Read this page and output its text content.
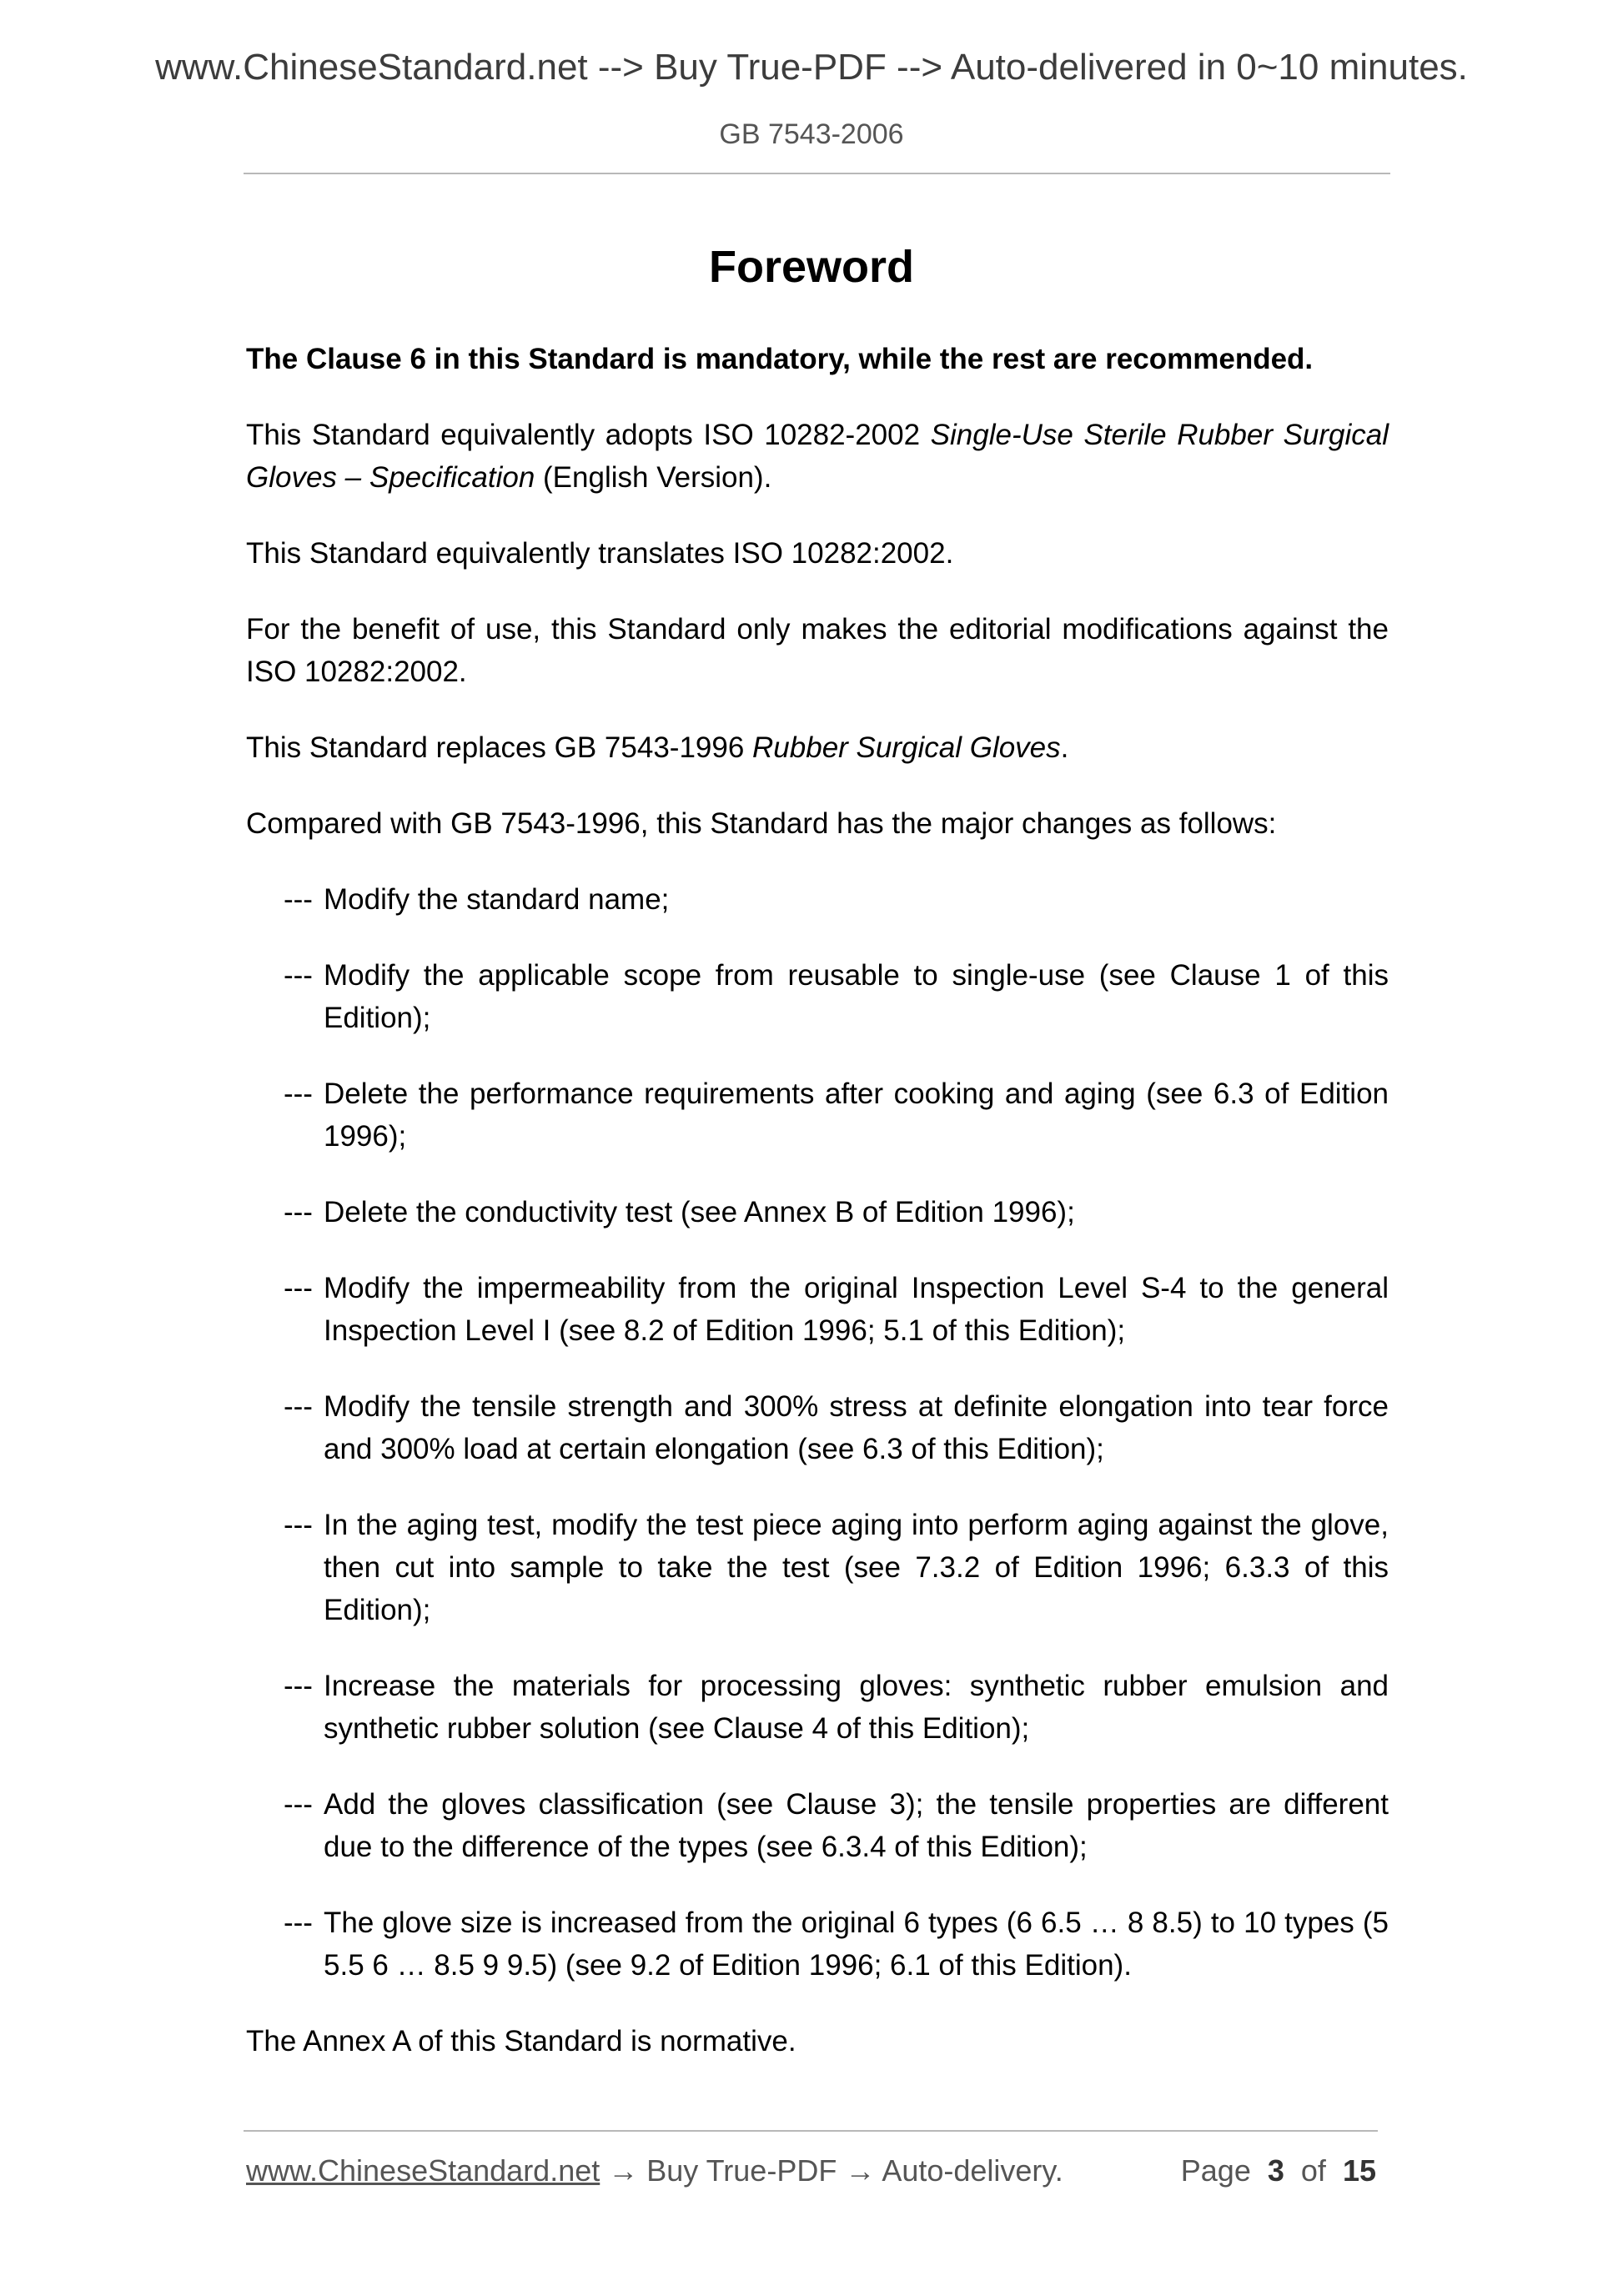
www.ChineseStandard.net --> Buy True-PDF --> Auto-delivered in 0~10 minutes.
GB 7543-2006
Foreword

The Clause 6 in this Standard is mandatory, while the rest are recommended.

This Standard equivalently adopts ISO 10282-2002 Single-Use Sterile Rubber Surgical Gloves – Specification (English Version).

This Standard equivalently translates ISO 10282:2002.

For the benefit of use, this Standard only makes the editorial modifications against the ISO 10282:2002.

This Standard replaces GB 7543-1996 Rubber Surgical Gloves.

Compared with GB 7543-1996, this Standard has the major changes as follows:

--- Modify the standard name;
--- Modify the applicable scope from reusable to single-use (see Clause 1 of this Edition);
--- Delete the performance requirements after cooking and aging (see 6.3 of Edition 1996);
--- Delete the conductivity test (see Annex B of Edition 1996);
--- Modify the impermeability from the original Inspection Level S-4 to the general Inspection Level I (see 8.2 of Edition 1996; 5.1 of this Edition);
--- Modify the tensile strength and 300% stress at definite elongation into tear force and 300% load at certain elongation (see 6.3 of this Edition);
--- In the aging test, modify the test piece aging into perform aging against the glove, then cut into sample to take the test (see 7.3.2 of Edition 1996; 6.3.3 of this Edition);
--- Increase the materials for processing gloves: synthetic rubber emulsion and synthetic rubber solution (see Clause 4 of this Edition);
--- Add the gloves classification (see Clause 3); the tensile properties are different due to the difference of the types (see 6.3.4 of this Edition);
--- The glove size is increased from the original 6 types (6 6.5 … 8 8.5) to 10 types (5 5.5 6 … 8.5 9 9.5) (see 9.2 of Edition 1996; 6.1 of this Edition).

The Annex A of this Standard is normative.

www.ChineseStandard.net → Buy True-PDF → Auto-delivery.	Page 3 of 15
